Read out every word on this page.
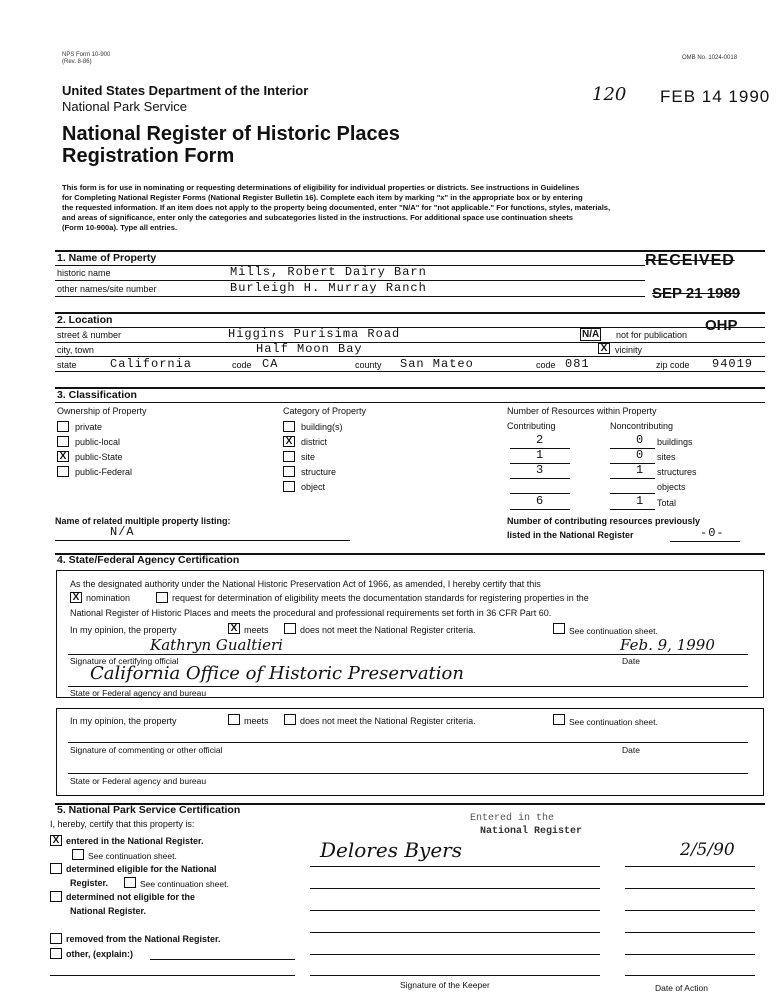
NPS Form 10-900
(Rev. 8-86)
OMB No. 1024-0018
United States Department of the Interior
National Park Service
National Register of Historic Places
Registration Form
120 FEB 14 1990
This form is for use in nominating or requesting determinations of eligibility for individual properties or districts. See instructions in Guidelines
for Completing National Register Forms (National Register Bulletin 16). Complete each item by marking "x" in the appropriate box or by entering
the requested information. If an item does not apply to the property being documented, enter "N/A" for "not applicable." For functions, styles, materials,
and areas of significance, enter only the categories and subcategories listed in the instructions. For additional space use continuation sheets
(Form 10-900a). Type all entries.
1. Name of Property
historic name	Mills, Robert Dairy Barn
other names/site number	Burleigh H. Murray Ranch
RECEIVED
SEP 21 1989
2. Location
street & number	Higgins Purisima Road	N/A not for publication
OHP
city, town	Half Moon Bay	X vicinity
state	California	code CA	county San Mateo	code 081	zip code 94019
3. Classification
Ownership of Property
private
public-local
X public-State
public-Federal
Category of Property
building(s)
X district
site
structure
object
Number of Resources within Property
Contributing	Noncontributing
2	0 buildings
1	0 sites
3	1 structures
objects
6	1 Total
Name of related multiple property listing:
N/A
Number of contributing resources previously
listed in the National Register	-0-
4. State/Federal Agency Certification
As the designated authority under the National Historic Preservation Act of 1966, as amended, I hereby certify that this
X nomination	request for determination of eligibility meets the documentation standards for registering properties in the
National Register of Historic Places and meets the procedural and professional requirements set forth in 36 CFR Part 60.
In my opinion, the property	X meets	does not meet the National Register criteria.	See continuation sheet.
Kathryn Gualtieri	Feb. 9, 1990
Signature of certifying official	Date
California Office of Historic Preservation
State or Federal agency and bureau
In my opinion, the property	meets	does not meet the National Register criteria.	See continuation sheet.
Signature of commenting or other official	Date
State or Federal agency and bureau
5. National Park Service Certification
I, hereby, certify that this property is:
X entered in the National Register.
See continuation sheet.
determined eligible for the National
Register.	See continuation sheet.
determined not eligible for the
National Register.
removed from the National Register.
other, (explain:)
Entered in the
National Register
Delores Byers	2/5/90
Signature of the Keeper	Date of Action
